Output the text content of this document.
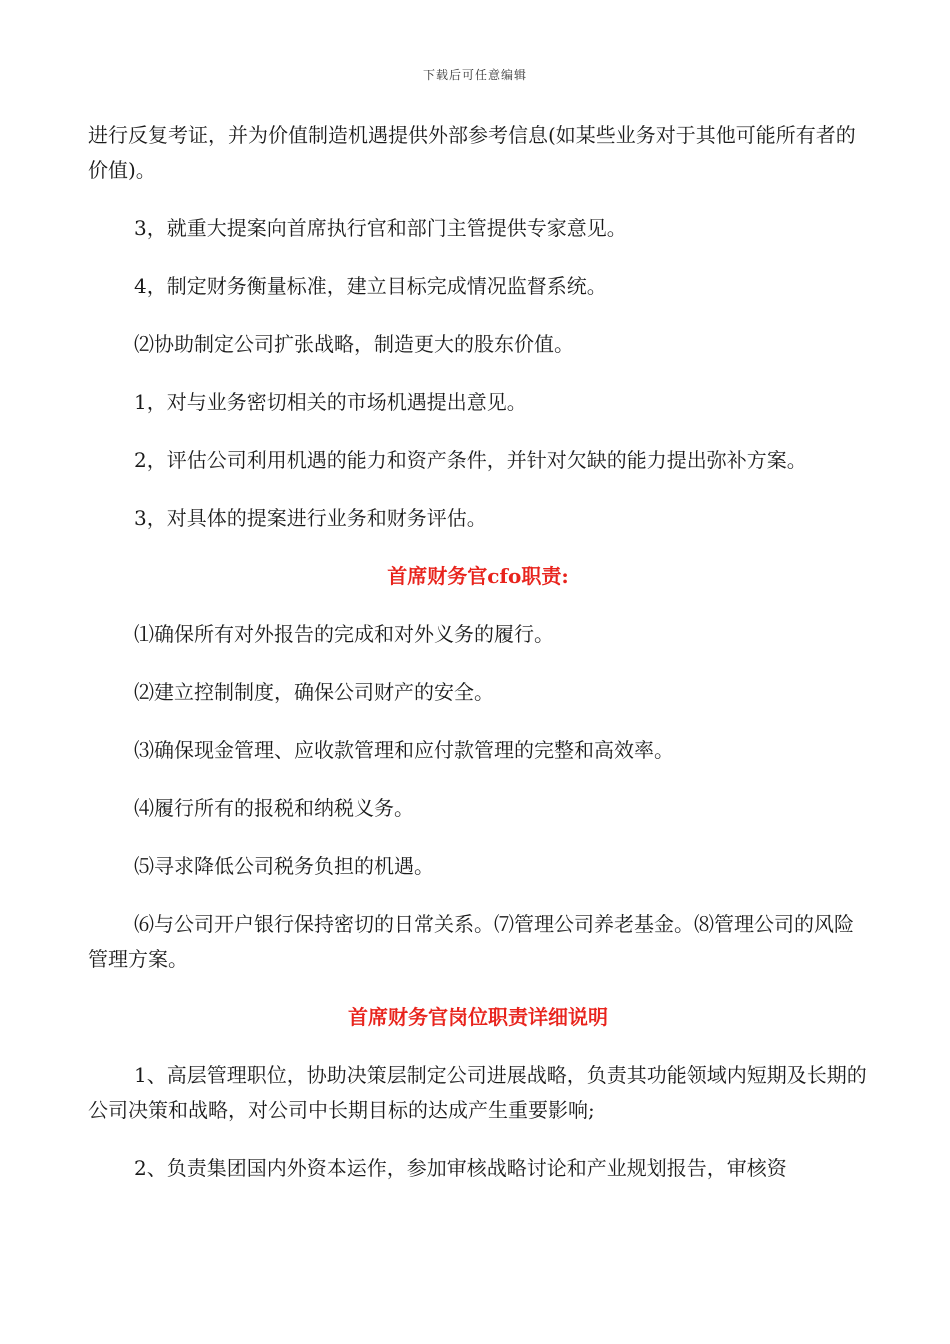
下载后可任意编辑

进行反复考证，并为价值制造机遇提供外部参考信息(如某些业务对于其他可能所有者的价值)。

3，就重大提案向首席执行官和部门主管提供专家意见。

4，制定财务衡量标准，建立目标完成情况监督系统。

⑵协助制定公司扩张战略，制造更大的股东价值。

1，对与业务密切相关的市场机遇提出意见。

2，评估公司利用机遇的能力和资产条件，并针对欠缺的能力提出弥补方案。

3，对具体的提案进行业务和财务评估。

首席财务官cfo职责:

⑴确保所有对外报告的完成和对外义务的履行。

⑵建立控制制度，确保公司财产的安全。

⑶确保现金管理、应收款管理和应付款管理的完整和高效率。

⑷履行所有的报税和纳税义务。

⑸寻求降低公司税务负担的机遇。

⑹与公司开户银行保持密切的日常关系。⑺管理公司养老基金。⑻管理公司的风险管理方案。

首席财务官岗位职责详细说明

1、高层管理职位，协助决策层制定公司进展战略，负责其功能领域内短期及长期的公司决策和战略，对公司中长期目标的达成产生重要影响;

2、负责集团国内外资本运作，参加审核战略讨论和产业规划报告，审核资
